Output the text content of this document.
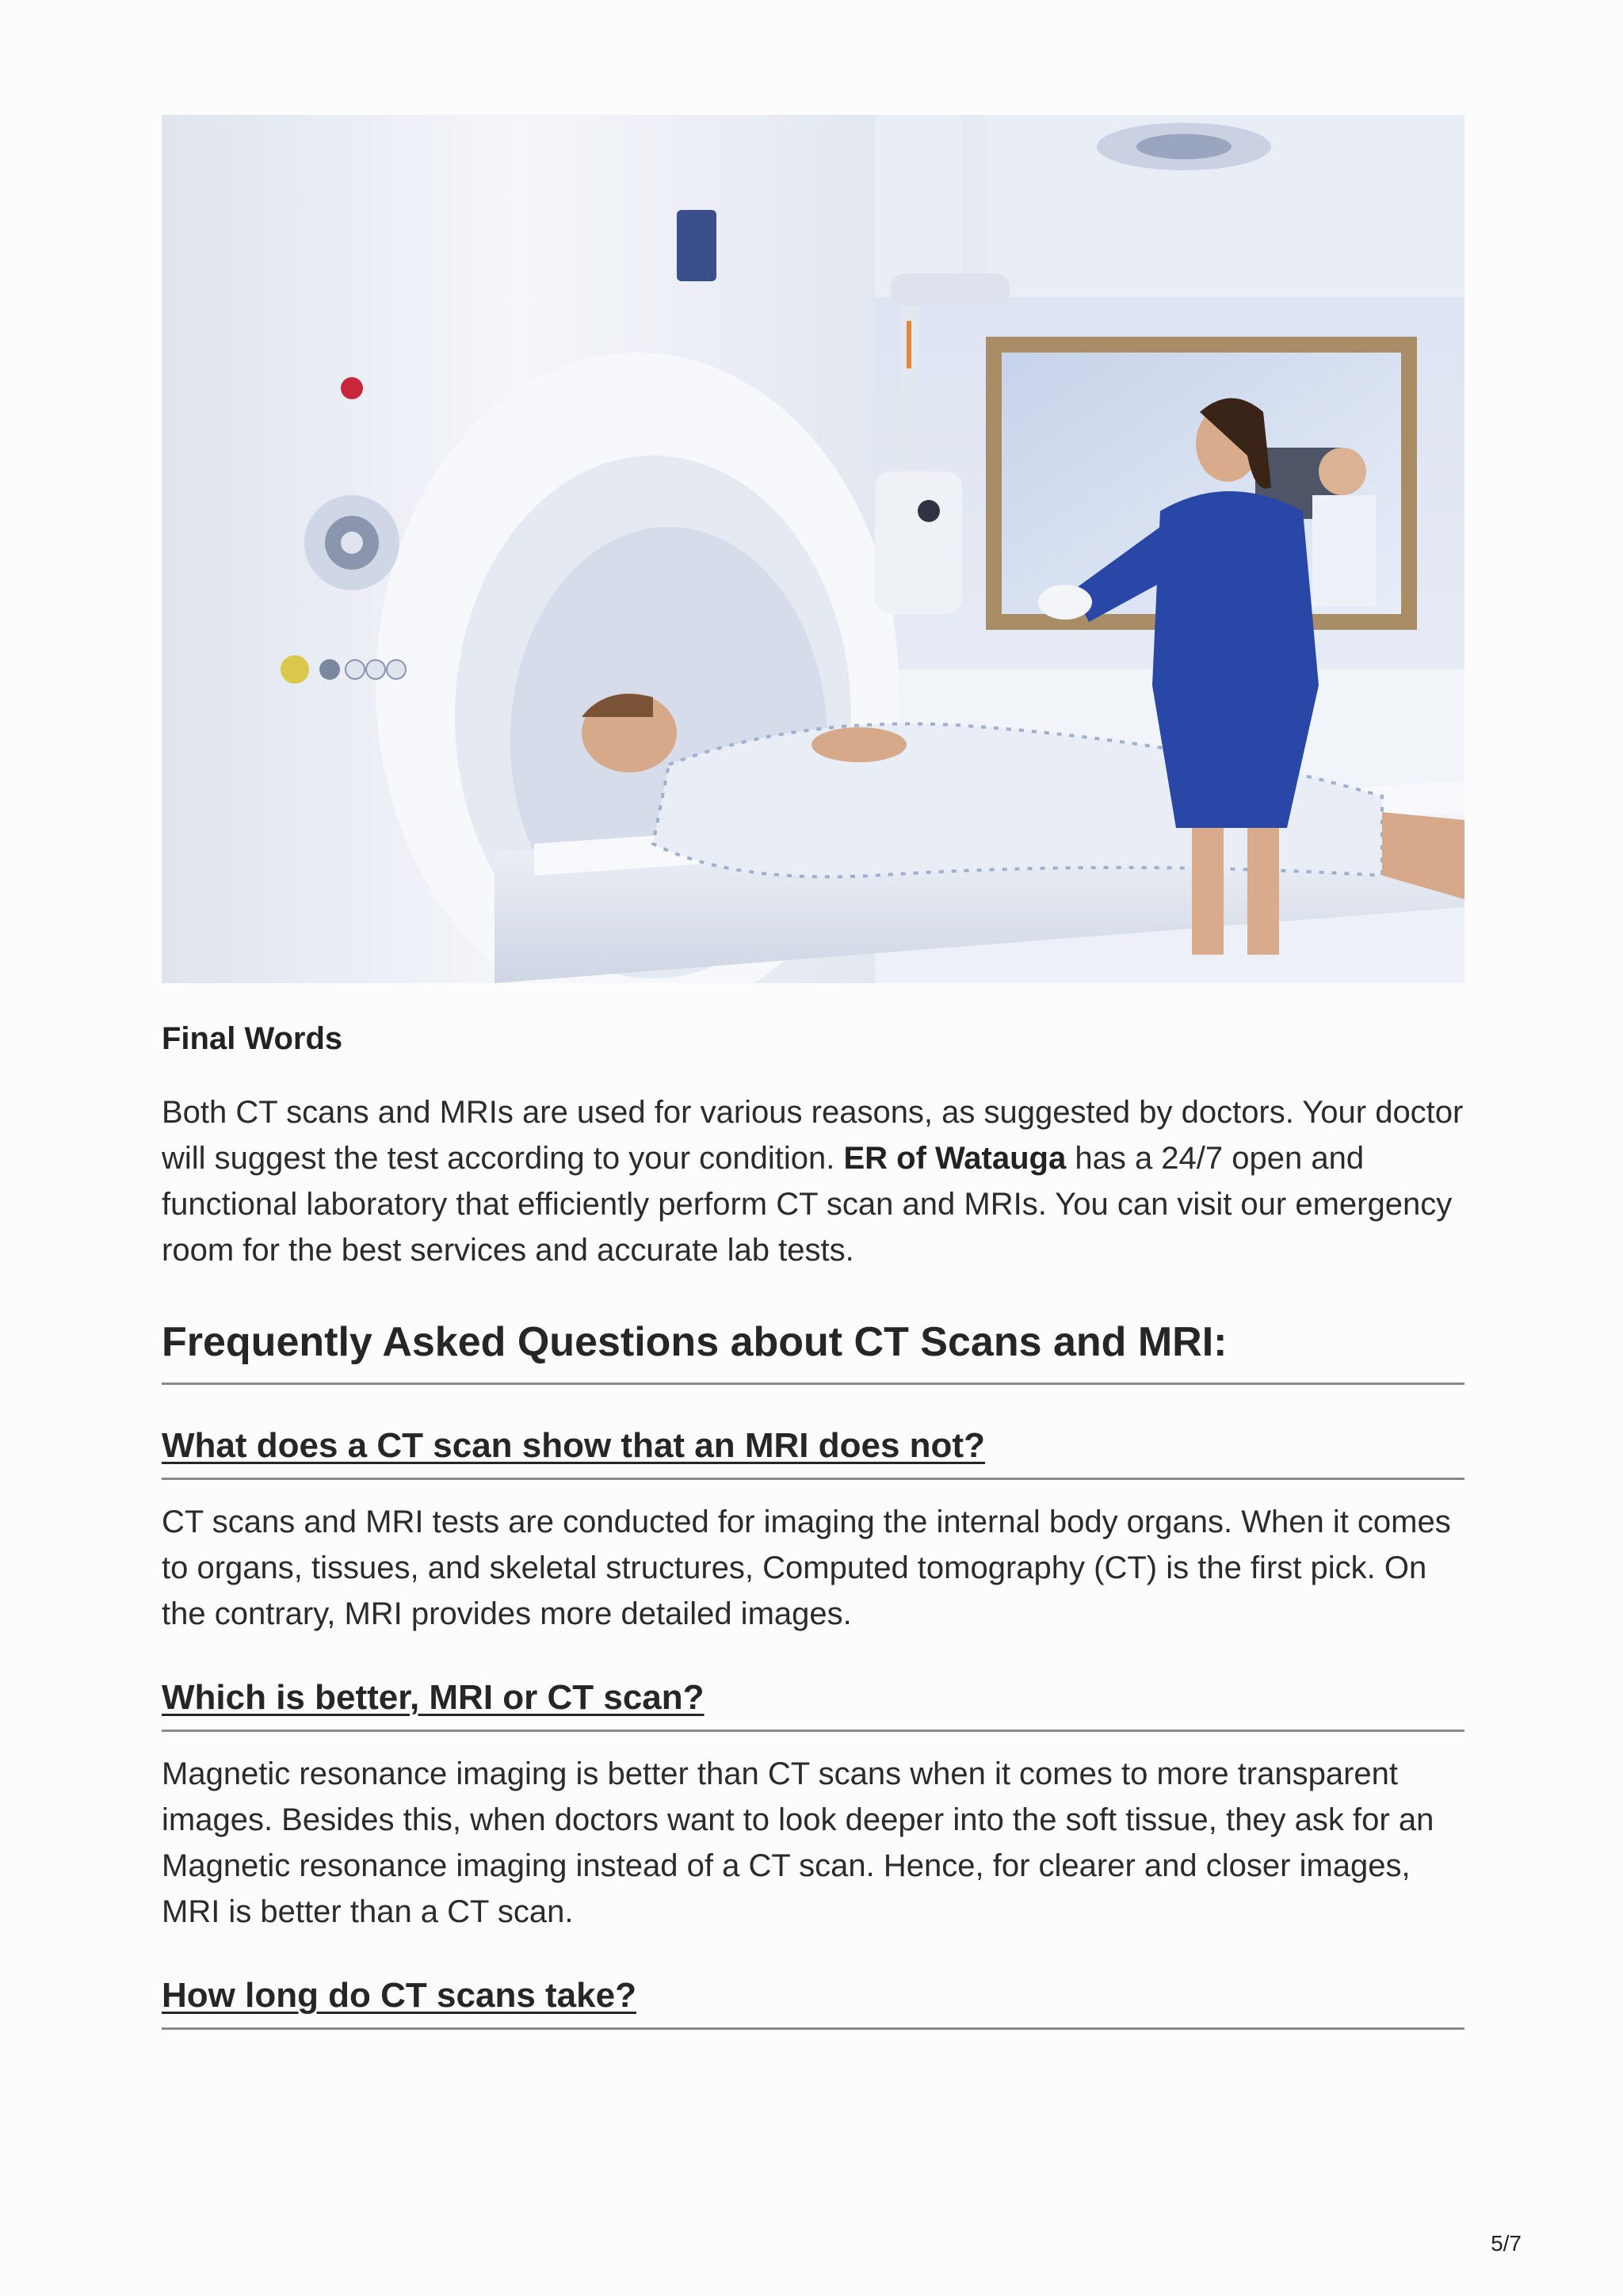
Final Words

Both CT scans and MRIs are used for various reasons, as suggested by doctors. Your doctor will suggest the test according to your condition. ER of Watauga has a 24/7 open and functional laboratory that efficiently perform CT scan and MRIs. You can visit our emergency room for the best services and accurate lab tests.

Frequently Asked Questions about CT Scans and MRI:
What does a CT scan show that an MRI does not?

CT scans and MRI tests are conducted for imaging the internal body organs. When it comes to organs, tissues, and skeletal structures, Computed tomography (CT) is the first pick. On the contrary, MRI provides more detailed images.

Which is better, MRI or CT scan?

Magnetic resonance imaging is better than CT scans when it comes to more transparent images. Besides this, when doctors want to look deeper into the soft tissue, they ask for an Magnetic resonance imaging instead of a CT scan. Hence, for clearer and closer images, MRI is better than a CT scan.

How long do CT scans take?
5/7
